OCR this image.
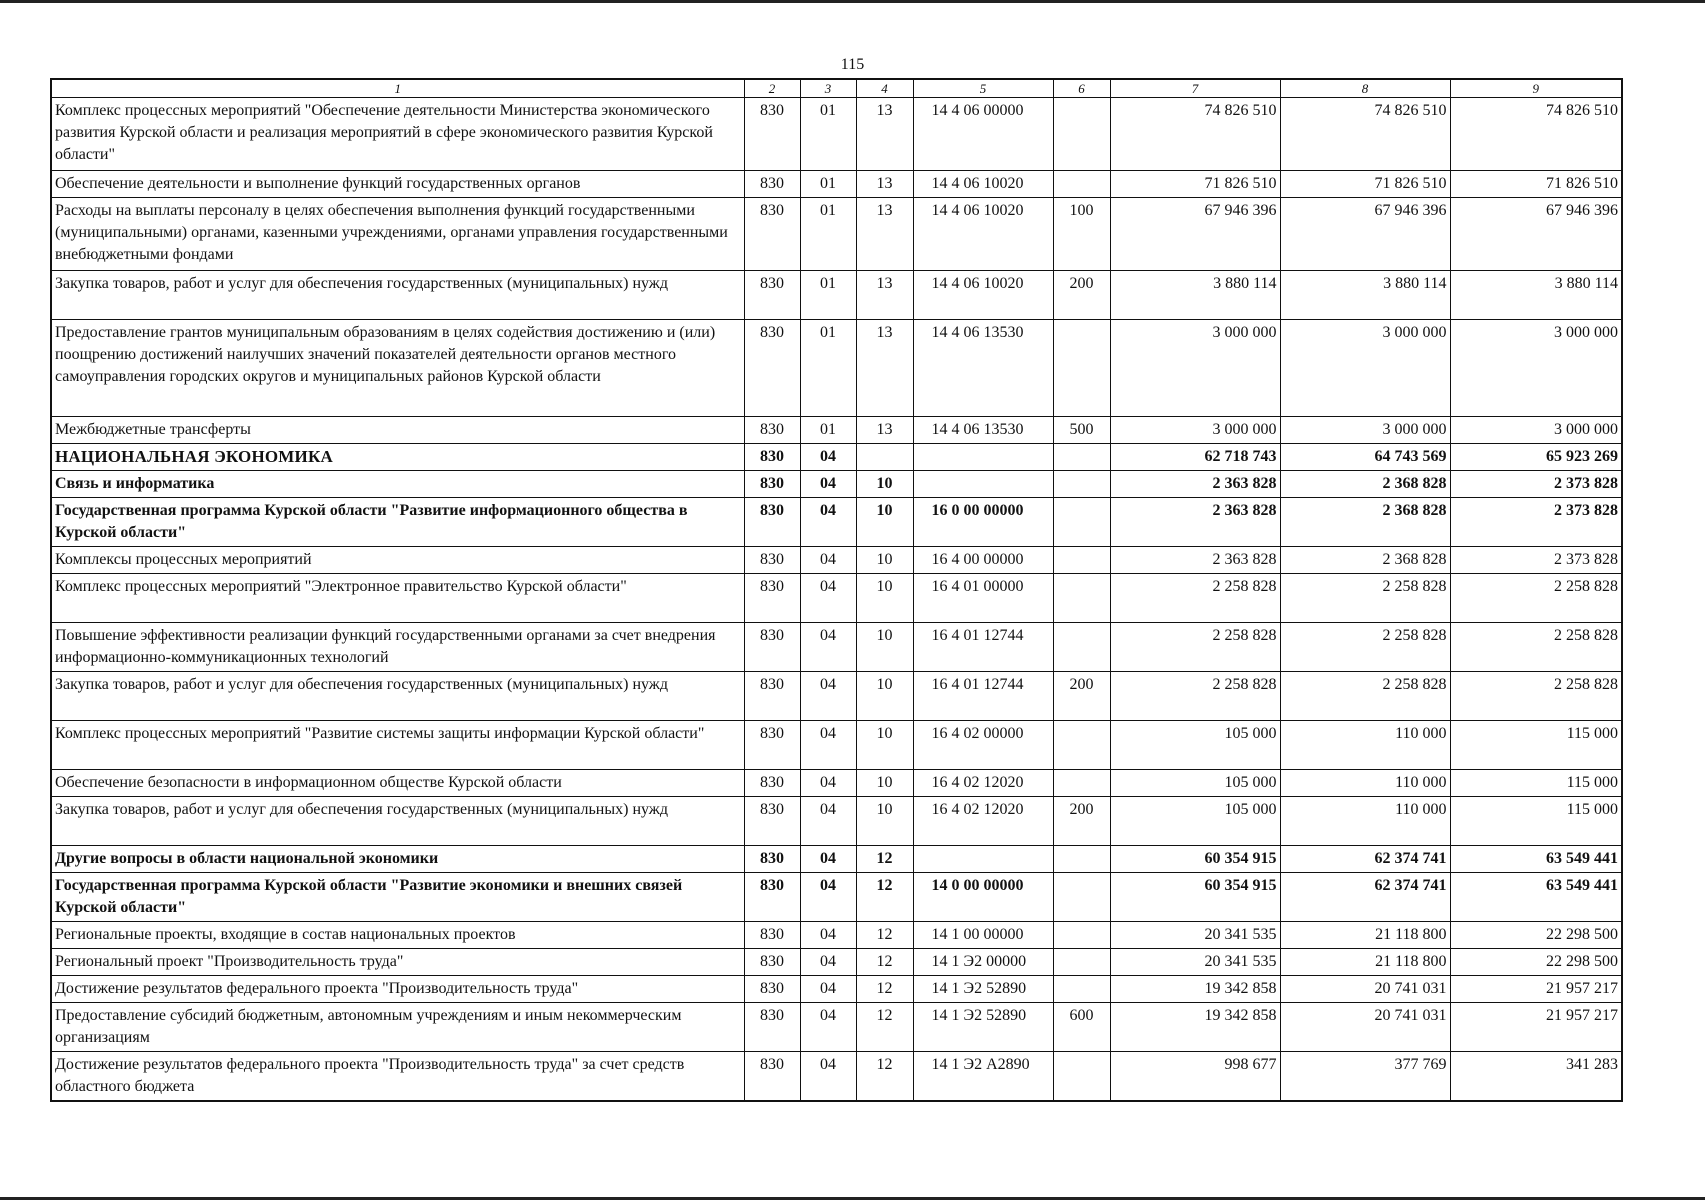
115
1	2	3	4	5	6	7	8	9
Комплекс процессных мероприятий "Обеспечение деятельности Министерства экономического развития Курской области и реализация мероприятий в сфере экономического развития Курской области"	830	01	13	14 4 06 00000		74 826 510	74 826 510	74 826 510
Обеспечение деятельности и выполнение функций государственных органов	830	01	13	14 4 06 10020		71 826 510	71 826 510	71 826 510
Расходы на выплаты персоналу в целях обеспечения выполнения функций государственными (муниципальными) органами, казенными учреждениями, органами управления государственными внебюджетными фондами	830	01	13	14 4 06 10020	100	67 946 396	67 946 396	67 946 396
Закупка товаров, работ и услуг для обеспечения государственных (муниципальных) нужд	830	01	13	14 4 06 10020	200	3 880 114	3 880 114	3 880 114
Предоставление грантов муниципальным образованиям в целях содействия достижению и (или) поощрению достижений наилучших значений показателей деятельности органов местного самоуправления городских округов и муниципальных районов Курской области	830	01	13	14 4 06 13530		3 000 000	3 000 000	3 000 000
Межбюджетные трансферты	830	01	13	14 4 06 13530	500	3 000 000	3 000 000	3 000 000
НАЦИОНАЛЬНАЯ ЭКОНОМИКА	830	04				62 718 743	64 743 569	65 923 269
Связь и информатика	830	04	10			2 363 828	2 368 828	2 373 828
Государственная программа Курской области "Развитие информационного общества в Курской области"	830	04	10	16 0 00 00000		2 363 828	2 368 828	2 373 828
Комплексы процессных мероприятий	830	04	10	16 4 00 00000		2 363 828	2 368 828	2 373 828
Комплекс процессных мероприятий "Электронное правительство Курской области"	830	04	10	16 4 01 00000		2 258 828	2 258 828	2 258 828
Повышение эффективности реализации функций государственными органами за счет внедрения информационно-коммуникационных технологий	830	04	10	16 4 01 12744		2 258 828	2 258 828	2 258 828
Закупка товаров, работ и услуг для обеспечения государственных (муниципальных) нужд	830	04	10	16 4 01 12744	200	2 258 828	2 258 828	2 258 828
Комплекс процессных мероприятий "Развитие системы защиты информации Курской области"	830	04	10	16 4 02 00000		105 000	110 000	115 000
Обеспечение безопасности в информационном обществе Курской области	830	04	10	16 4 02 12020		105 000	110 000	115 000
Закупка товаров, работ и услуг для обеспечения государственных (муниципальных) нужд	830	04	10	16 4 02 12020	200	105 000	110 000	115 000
Другие вопросы в области национальной экономики	830	04	12			60 354 915	62 374 741	63 549 441
Государственная программа Курской области "Развитие экономики и внешних связей Курской области"	830	04	12	14 0 00 00000		60 354 915	62 374 741	63 549 441
Региональные проекты, входящие в состав национальных проектов	830	04	12	14 1 00 00000		20 341 535	21 118 800	22 298 500
Региональный проект "Производительность труда"	830	04	12	14 1 Э2 00000		20 341 535	21 118 800	22 298 500
Достижение результатов федерального проекта "Производительность труда"	830	04	12	14 1 Э2 52890		19 342 858	20 741 031	21 957 217
Предоставление субсидий бюджетным, автономным учреждениям и иным некоммерческим организациям	830	04	12	14 1 Э2 52890	600	19 342 858	20 741 031	21 957 217
Достижение результатов федерального проекта "Производительность труда" за счет средств областного бюджета	830	04	12	14 1 Э2 А2890		998 677	377 769	341 283
